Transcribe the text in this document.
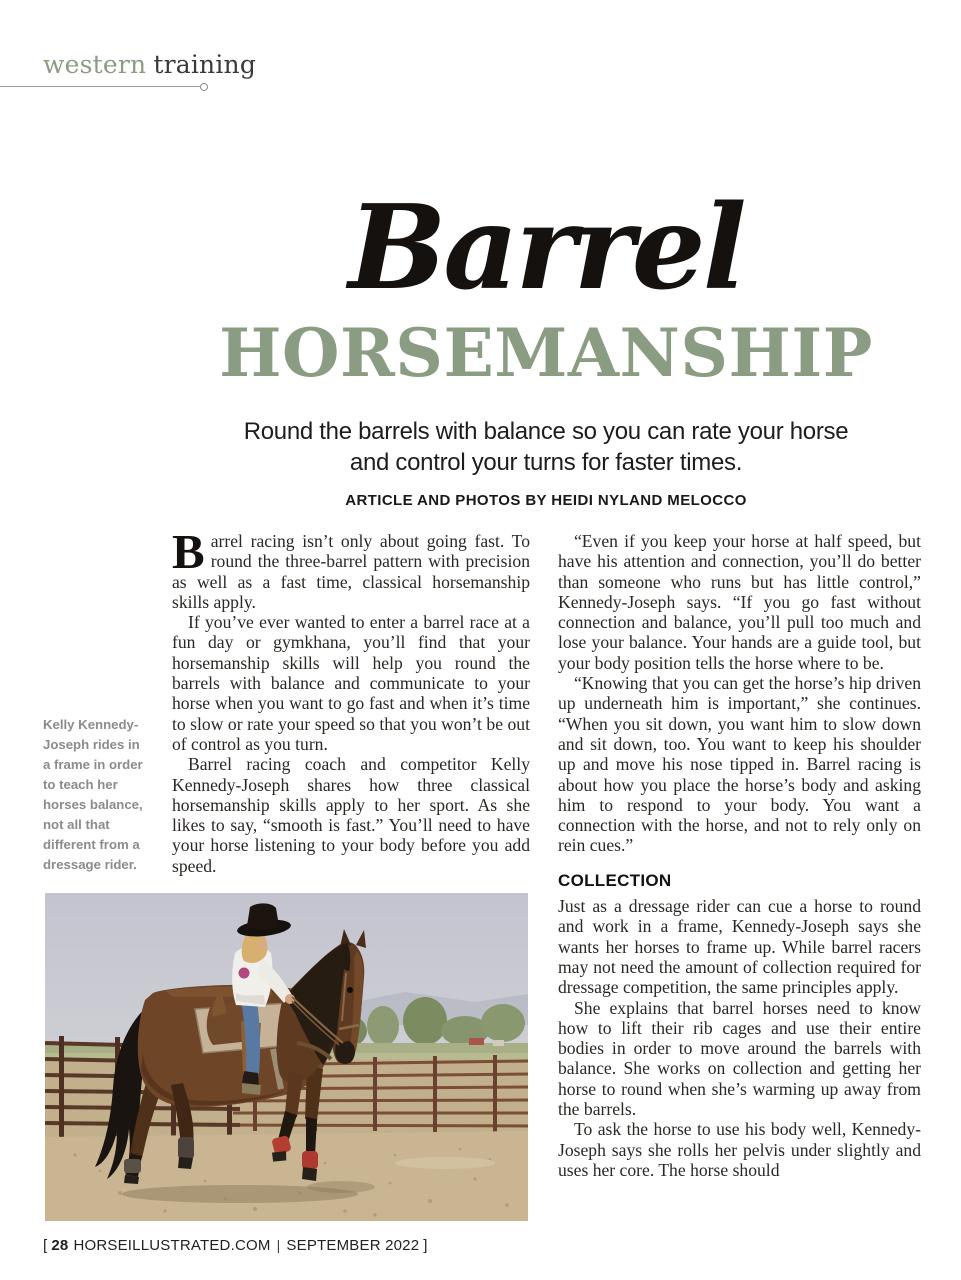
western training
Barrel
HORSEMANSHIP
Round the barrels with balance so you can rate your horse
and control your turns for faster times.
ARTICLE AND PHOTOS BY HEIDI NYLAND MELOCCO

Barrel racing isn’t only about going fast. To round the three-barrel pattern with precision as well as a fast time, classical horsemanship skills apply.

If you’ve ever wanted to enter a barrel race at a fun day or gymkhana, you’ll find that your horsemanship skills will help you round the barrels with balance and communicate to your horse when you want to go fast and when it’s time to slow or rate your speed so that you won’t be out of control as you turn.

Barrel racing coach and competitor Kelly Kennedy-Joseph shares how three classical horsemanship skills apply to her sport. As she likes to say, “smooth is fast.” You’ll need to have your horse listening to your body before you add speed.

“Even if you keep your horse at half speed, but have his attention and connection, you’ll do better than someone who runs but has little control,” Kennedy-Joseph says. “If you go fast without connection and balance, you’ll pull too much and lose your balance. Your hands are a guide tool, but your body position tells the horse where to be.

“Knowing that you can get the horse’s hip driven up underneath him is important,” she continues. “When you sit down, you want him to slow down and sit down, too. You want to keep his shoulder up and move his nose tipped in. Barrel racing is about how you place the horse’s body and asking him to respond to your body. You want a connection with the horse, and not to rely only on rein cues.”

COLLECTION

Just as a dressage rider can cue a horse to round and work in a frame, Kennedy-Joseph says she wants her horses to frame up. While barrel racers may not need the amount of collection required for dressage competition, the same principles apply.

She explains that barrel horses need to know how to lift their rib cages and use their entire bodies in order to move around the barrels with balance. She works on collection and getting her horse to round when she’s warming up away from the barrels.

To ask the horse to use his body well, Kennedy-Joseph says she rolls her pelvis under slightly and uses her core. The horse should

Kelly Kennedy-Joseph rides in a frame in order to teach her horses balance, not all that different from a dressage rider.
[ 28 HORSEILLUSTRATED.COM | SEPTEMBER 2022 ]
